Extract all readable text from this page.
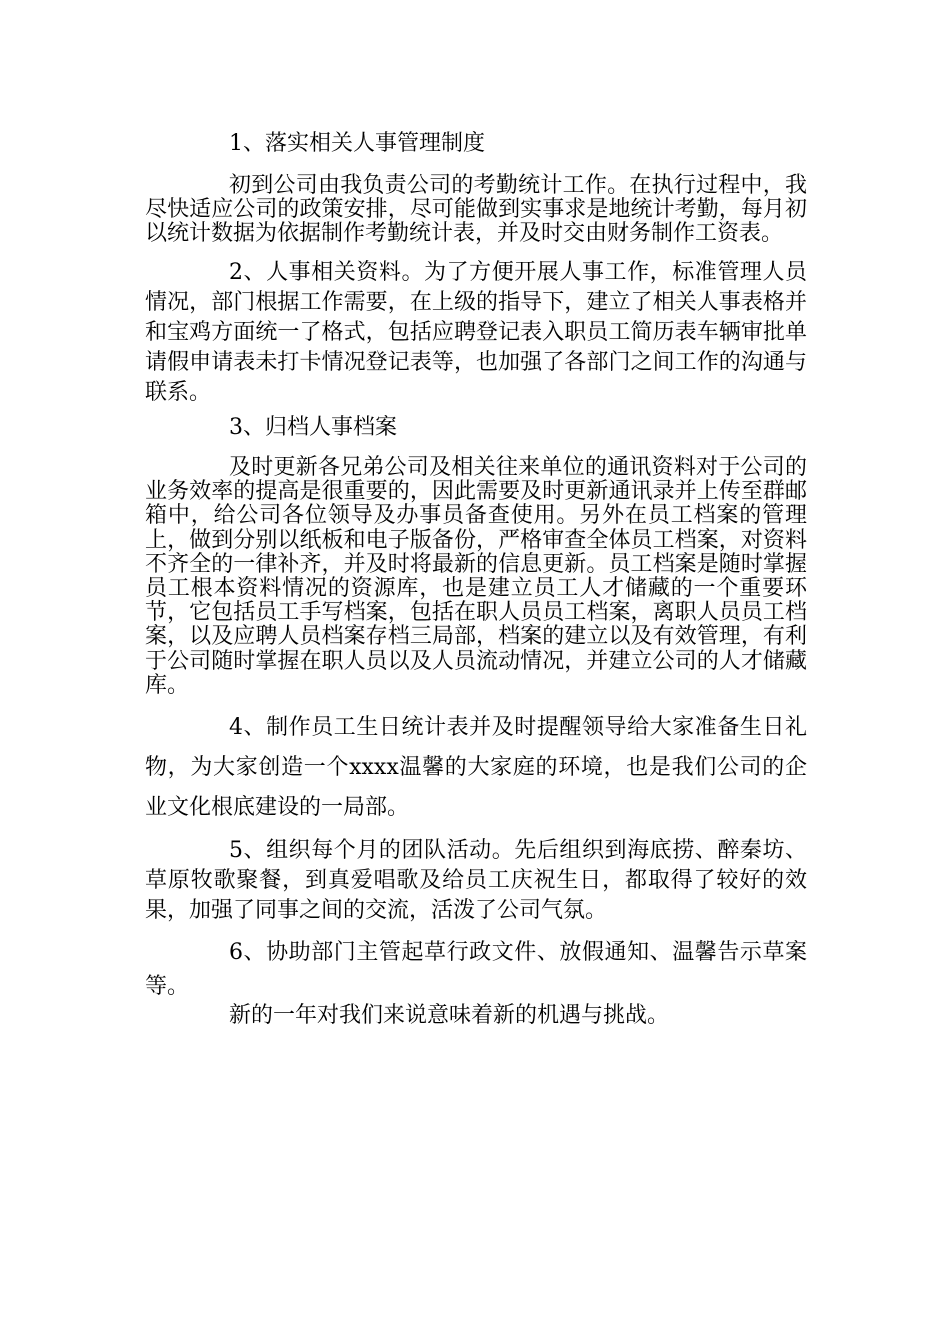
1、落实相关人事管理制度

初到公司由我负责公司的考勤统计工作。在执行过程中，我尽快适应公司的政策安排，尽可能做到实事求是地统计考勤，每月初以统计数据为依据制作考勤统计表，并及时交由财务制作工资表。

2、人事相关资料。为了方便开展人事工作，标准管理人员情况，部门根据工作需要，在上级的指导下，建立了相关人事表格并和宝鸡方面统一了格式，包括应聘登记表入职员工简历表车辆审批单请假申请表未打卡情况登记表等，也加强了各部门之间工作的沟通与联系。

3、归档人事档案

及时更新各兄弟公司及相关往来单位的通讯资料对于公司的业务效率的提高是很重要的，因此需要及时更新通讯录并上传至群邮箱中，给公司各位领导及办事员备查使用。另外在员工档案的管理上，做到分别以纸板和电子版备份，严格审查全体员工档案，对资料不齐全的一律补齐，并及时将最新的信息更新。员工档案是随时掌握员工根本资料情况的资源库，也是建立员工人才储藏的一个重要环节，它包括员工手写档案，包括在职人员员工档案，离职人员员工档案，以及应聘人员档案存档三局部，档案的建立以及有效管理，有利于公司随时掌握在职人员以及人员流动情况，并建立公司的人才储藏库。

4、制作员工生日统计表并及时提醒领导给大家准备生日礼物，为大家创造一个xxxx温馨的大家庭的环境，也是我们公司的企业文化根底建设的一局部。

5、组织每个月的团队活动。先后组织到海底捞、醉秦坊、草原牧歌聚餐，到真爱唱歌及给员工庆祝生日，都取得了较好的效果，加强了同事之间的交流，活泼了公司气氛。

6、协助部门主管起草行政文件、放假通知、温馨告示草案等。

新的一年对我们来说意味着新的机遇与挑战。
